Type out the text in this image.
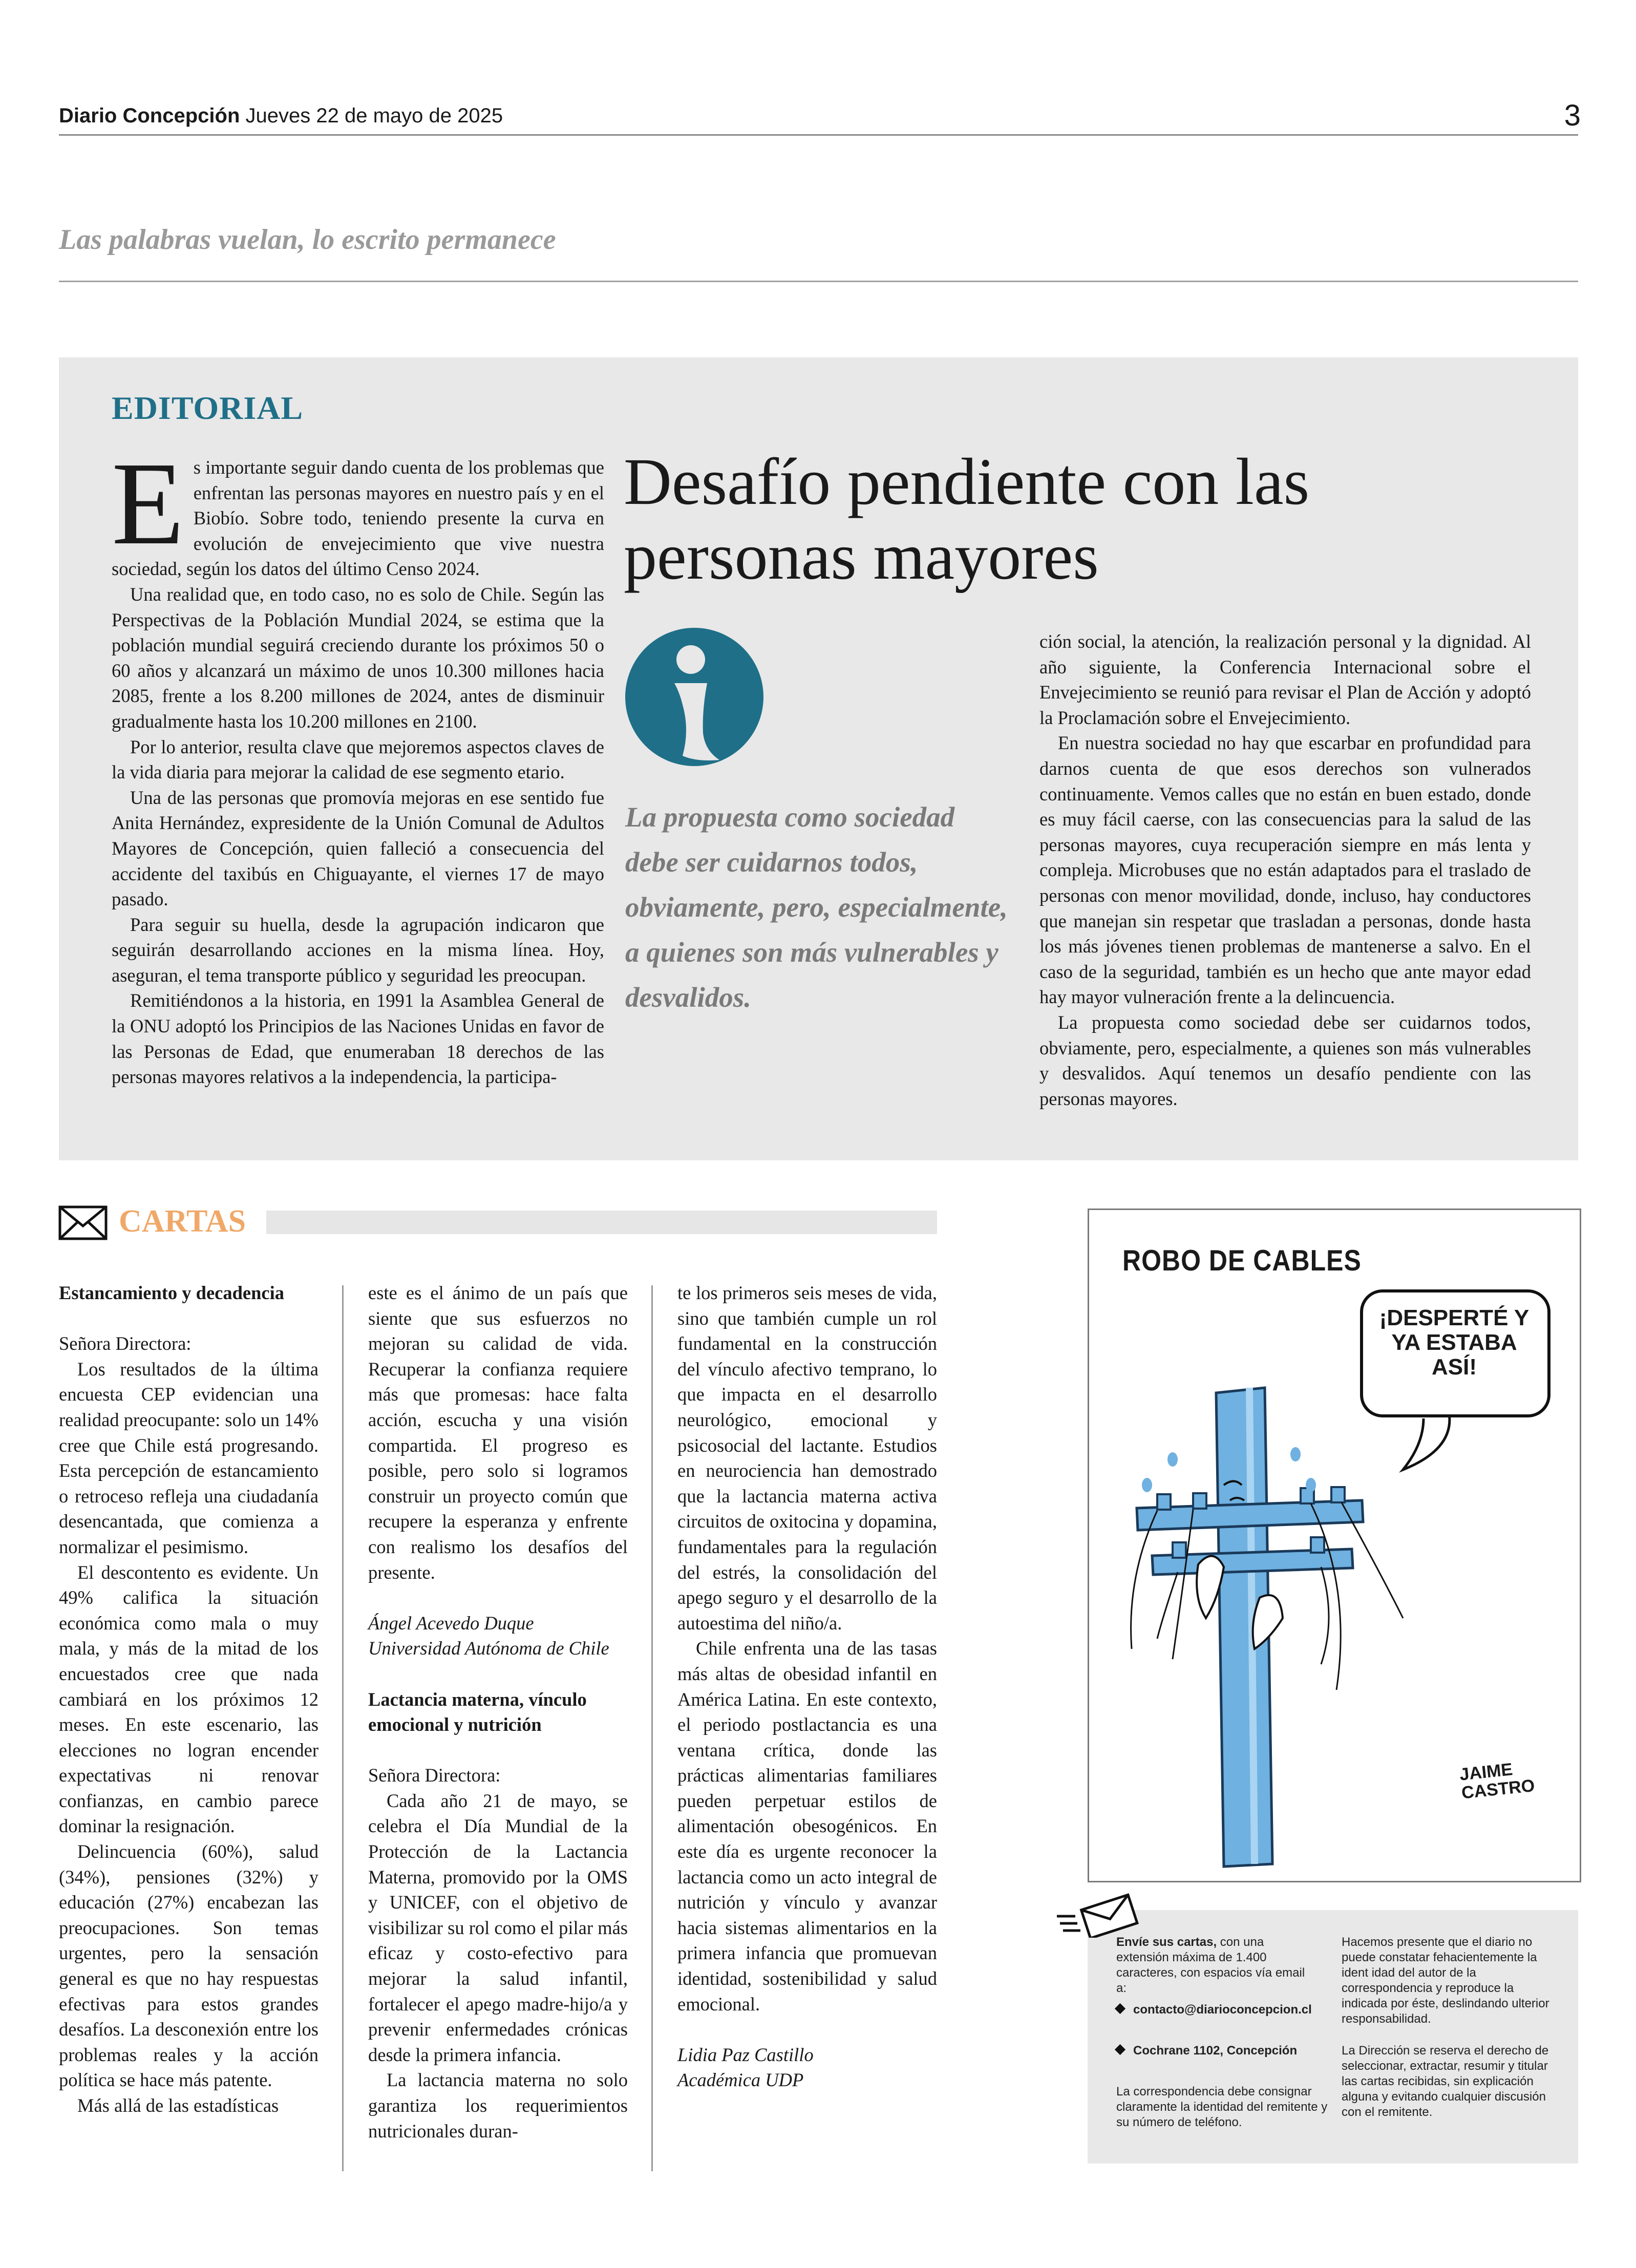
Diario Concepción Jueves 22 de mayo de 2025	3
Las palabras vuelan, lo escrito permanece
EDITORIAL

Es importante seguir dando cuenta de los problemas que enfrentan las personas mayores en nuestro país y en el Biobío. Sobre todo, teniendo presente la curva en evolución de envejecimiento que vive nuestra sociedad, según los datos del último Censo 2024.

Una realidad que, en todo caso, no es solo de Chile. Según las Perspectivas de la Población Mundial 2024, se estima que la población mundial seguirá creciendo durante los próximos 50 o 60 años y alcanzará un máximo de unos 10.300 millones hacia 2085, frente a los 8.200 millones de 2024, antes de disminuir gradualmente hasta los 10.200 millones en 2100.

Por lo anterior, resulta clave que mejoremos aspectos claves de la vida diaria para mejorar la calidad de ese segmento etario.

Una de las personas que promovía mejoras en ese sentido fue Anita Hernández, expresidente de la Unión Comunal de Adultos Mayores de Concepción, quien falleció a consecuencia del accidente del taxibús en Chiguayante, el viernes 17 de mayo pasado.

Para seguir su huella, desde la agrupación indicaron que seguirán desarrollando acciones en la misma línea. Hoy, aseguran, el tema transporte público y seguridad les preocupan.

Remitiéndonos a la historia, en 1991 la Asamblea General de la ONU adoptó los Principios de las Naciones Unidas en favor de las Personas de Edad, que enumeraban 18 derechos de las personas mayores relativos a la independencia, la participa-

Desafío pendiente con las personas mayores
La propuesta como sociedad debe ser cuidarnos todos, obviamente, pero, especialmente, a quienes son más vulnerables y desvalidos.

ción social, la atención, la realización personal y la dignidad. Al año siguiente, la Conferencia Internacional sobre el Envejecimiento se reunió para revisar el Plan de Acción y adoptó la Proclamación sobre el Envejecimiento.

En nuestra sociedad no hay que escarbar en profundidad para darnos cuenta de que esos derechos son vulnerados continuamente. Vemos calles que no están en buen estado, donde es muy fácil caerse, con las consecuencias para la salud de las personas mayores, cuya recuperación siempre en más lenta y compleja. Microbuses que no están adaptados para el traslado de personas con menor movilidad, donde, incluso, hay conductores que manejan sin respetar que trasladan a personas, donde hasta los más jóvenes tienen problemas de mantenerse a salvo. En el caso de la seguridad, también es un hecho que ante mayor edad hay mayor vulneración frente a la delincuencia.

La propuesta como sociedad debe ser cuidarnos todos, obviamente, pero, especialmente, a quienes son más vulnerables y desvalidos. Aquí tenemos un desafío pendiente con las personas mayores.

CARTAS

Estancamiento y decadencia

Señora Directora:

Los resultados de la última encuesta CEP evidencian una realidad preocupante: solo un 14% cree que Chile está progresando. Esta percepción de estancamiento o retroceso refleja una ciudadanía desencantada, que comienza a normalizar el pesimismo.

El descontento es evidente. Un 49% califica la situación económica como mala o muy mala, y más de la mitad de los encuestados cree que nada cambiará en los próximos 12 meses. En este escenario, las elecciones no logran encender expectativas ni renovar confianzas, en cambio parece dominar la resignación.

Delincuencia (60%), salud (34%), pensiones (32%) y educación (27%) encabezan las preocupaciones. Son temas urgentes, pero la sensación general es que no hay respuestas efectivas para estos grandes desafíos. La desconexión entre los problemas reales y la acción política se hace más patente.

Más allá de las estadísticas

este es el ánimo de un país que siente que sus esfuerzos no mejoran su calidad de vida. Recuperar la confianza requiere más que promesas: hace falta acción, escucha y una visión compartida. El progreso es posible, pero solo si logramos construir un proyecto común que recupere la esperanza y enfrente con realismo los desafíos del presente.

Ángel Acevedo Duque

Universidad Autónoma de Chile

Lactancia materna, vínculo emocional y nutrición

Señora Directora:

Cada año 21 de mayo, se celebra el Día Mundial de la Protección de la Lactancia Materna, promovido por la OMS y UNICEF, con el objetivo de visibilizar su rol como el pilar más eficaz y costo-efectivo para mejorar la salud infantil, fortalecer el apego madre-hijo/a y prevenir enfermedades crónicas desde la primera infancia.

La lactancia materna no solo garantiza los requerimientos nutricionales duran-

te los primeros seis meses de vida, sino que también cumple un rol fundamental en la construcción del vínculo afectivo temprano, lo que impacta en el desarrollo neurológico, emocional y psicosocial del lactante. Estudios en neurociencia han demostrado que la lactancia materna activa circuitos de oxitocina y dopamina, fundamentales para la regulación del estrés, la consolidación del apego seguro y el desarrollo de la autoestima del niño/a.

Chile enfrenta una de las tasas más altas de obesidad infantil en América Latina. En este contexto, el periodo postlactancia es una ventana crítica, donde las prácticas alimentarias familiares pueden perpetuar estilos de alimentación obesogénicos. En este día es urgente reconocer la lactancia como un acto integral de nutrición y vínculo y avanzar hacia sistemas alimentarios en la primera infancia que promuevan identidad, sostenibilidad y salud emocional.

Lidia Paz Castillo

Académica UDP

ROBO DE CABLES
¡DESPERTÉ Y YA ESTABA ASÍ!
JAIME CASTRO
Envíe sus cartas, con una extensión máxima de 1.400 caracteres, con espacios vía email a:
contacto@diarioconcepcion.cl
Cochrane 1102, Concepción
La correspondencia debe consignar claramente la identidad del remitente y su número de teléfono.
Hacemos presente que el diario no puede constatar fehacientemente la ident idad del autor de la correspondencia y reproduce la indicada por éste, deslindando ulterior responsabilidad.
La Dirección se reserva el derecho de seleccionar, extractar, resumir y titular las cartas recibidas, sin explicación alguna y evitando cualquier discusión con el remitente.
